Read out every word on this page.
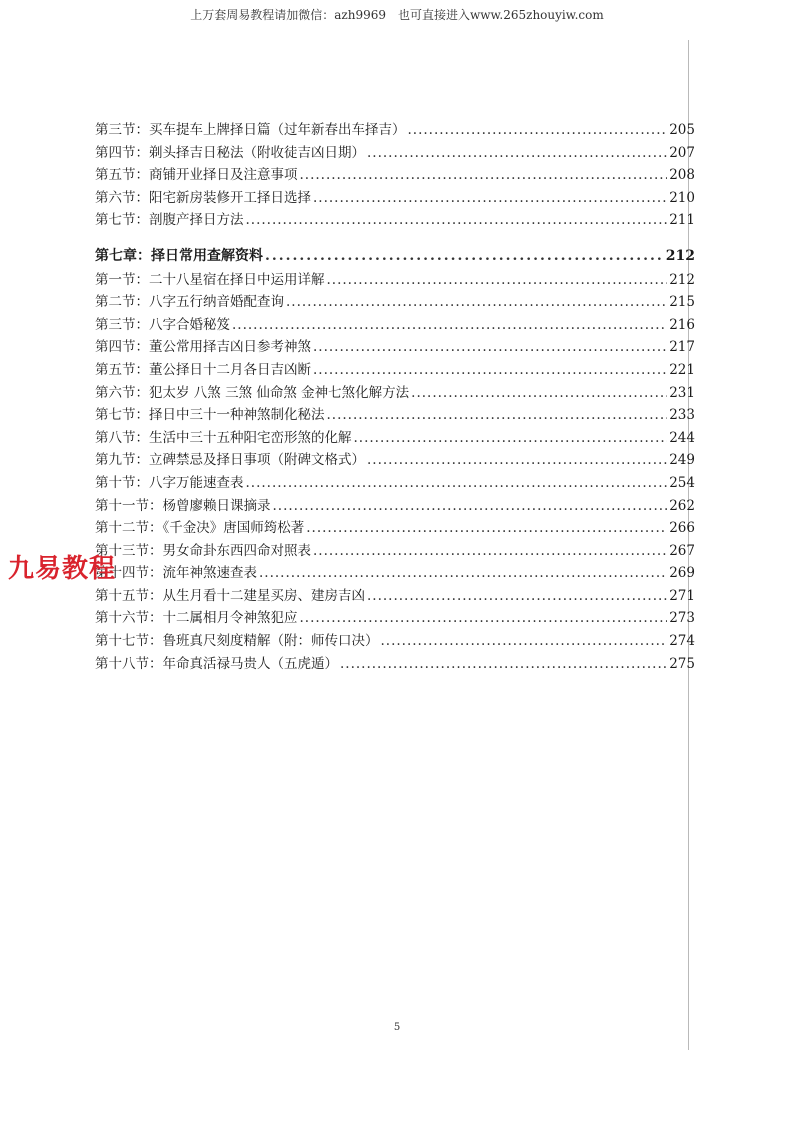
上万套周易教程请加微信：azh9969　也可直接进入www.265zhouyiw.com
第三节：买车提车上牌择日篇（过年新春出车择吉） .....	205
第四节：剃头择吉日秘法（附收徒吉凶日期） .....	207
第五节：商铺开业择日及注意事项 .....	208
第六节：阳宅新房装修开工择日选择 .....	210
第七节：剖腹产择日方法 .....	211
第七章：择日常用查解资料 .....	212
第一节：二十八星宿在择日中运用详解 .....	212
第二节：八字五行纳音婚配查询 .....	215
第三节：八字合婚秘笈 .....	216
第四节：董公常用择吉凶日参考神煞 .....	217
第五节：董公择日十二月各日吉凶断 .....	221
第六节：犯太岁 八煞 三煞 仙命煞 金神七煞化解方法 .....	231
第七节：择日中三十一种神煞制化秘法 .....	233
第八节：生活中三十五种阳宅峦形煞的化解 .....	244
第九节：立碑禁忌及择日事项（附碑文格式） .....	249
第十节：八字万能速查表 .....	254
第十一节：杨曾廖赖日课摘录 .....	262
第十二节：《千金决》唐国师筠松著 .....	266
第十三节：男女命卦东西四命对照表 .....	267
第十四节：流年神煞速查表 .....	269
第十五节：从生月看十二建星买房、建房吉凶 .....	271
第十六节：十二属相月令神煞犯应 .....	273
第十七节：鲁班真尺刻度精解（附：师传口决） .....	274
第十八节：年命真活禄马贵人（五虎遁） .....	275
九易教程
5
